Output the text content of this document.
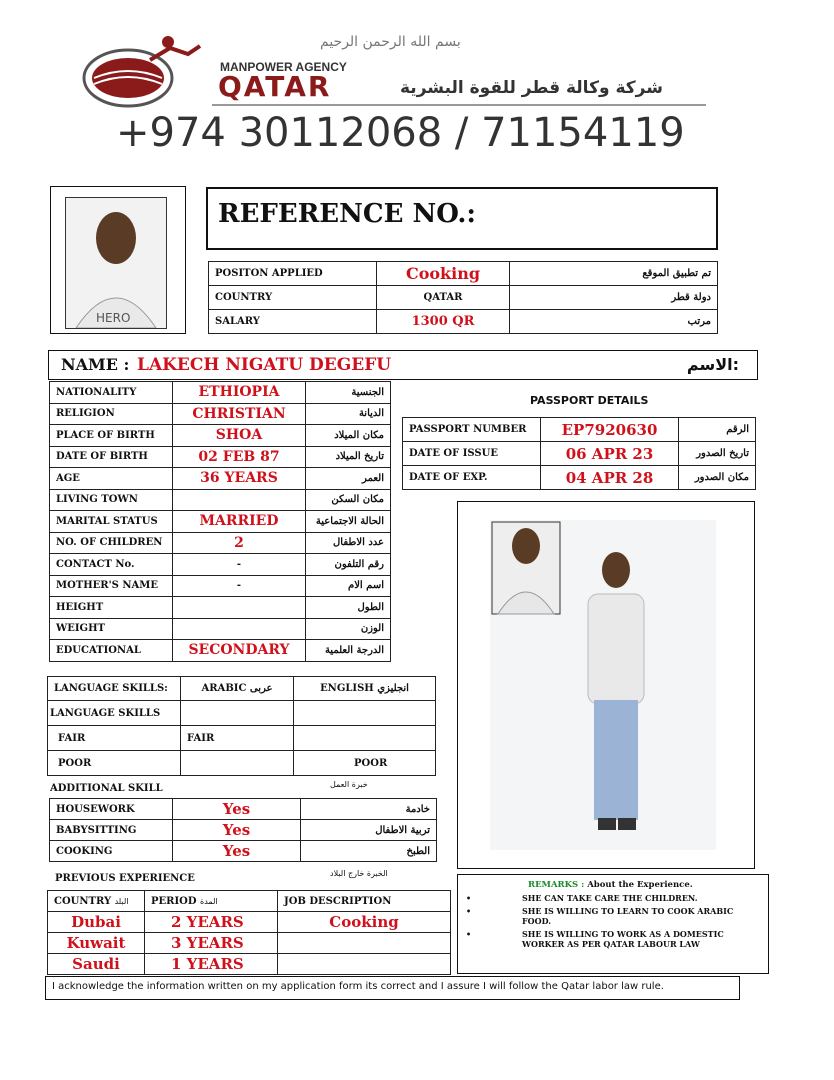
بسم الله الرحمن الرحيم
MANPOWER AGENCY
QATAR	شركة وكالة قطر للقوة البشرية
+974 30112068 / 71154119
HERO
REFERENCE NO.:
POSITON APPLIED	Cooking	تم تطبيق الموقع
COUNTRY	QATAR	دولة قطر
SALARY	1300 QR	مرتب
NAME : LAKECH NIGATU DEGEFU	الاسم:
NATIONALITY	ETHIOPIA	الجنسية
RELIGION	CHRISTIAN	الديانة
PLACE OF BIRTH	SHOA	مكان الميلاد
DATE OF BIRTH	02 FEB 87	تاريخ الميلاد
AGE	36 YEARS	العمر
LIVING TOWN		مكان السكن
MARITAL STATUS	MARRIED	الحالة الاجتماعية
NO. OF CHILDREN	2	عدد الاطفال
CONTACT No.	-	رقم التلفون
MOTHER'S NAME	-	اسم الام
HEIGHT		الطول
WEIGHT		الوزن
EDUCATIONAL	SECONDARY	الدرجة العلمية
PASSPORT DETAILS
PASSPORT NUMBER	EP7920630	الرقم
DATE OF ISSUE	06 APR 23	تاريخ الصدور
DATE OF EXP.	04 APR 28	مكان الصدور
LANGUAGE SKILLS:	ARABIC عربى	ENGLISH انجليزي
LANGUAGE SKILLS		
FAIR	FAIR	
POOR		POOR
ADDITIONAL SKILL	خبرة العمل
HOUSEWORK	Yes	خادمة
BABYSITTING	Yes	تربية الاطفال
COOKING	Yes	الطبخ
PREVIOUS EXPERIENCE	الخبرة خارج البلاد
COUNTRY البلد	PERIOD المدة	JOB DESCRIPTION
Dubai	2 YEARS	Cooking
Kuwait	3 YEARS	
Saudi	1 YEARS	
REMARKS : About the Experience.
•	SHE CAN TAKE CARE THE CHILDREN.
•	SHE IS WILLING TO LEARN TO COOK ARABIC FOOD.
•	SHE IS WILLING TO WORK AS A DOMESTIC WORKER AS PER QATAR LABOUR LAW
I acknowledge the information written on my application form its correct and I assure I will follow the Qatar labor law rule.
